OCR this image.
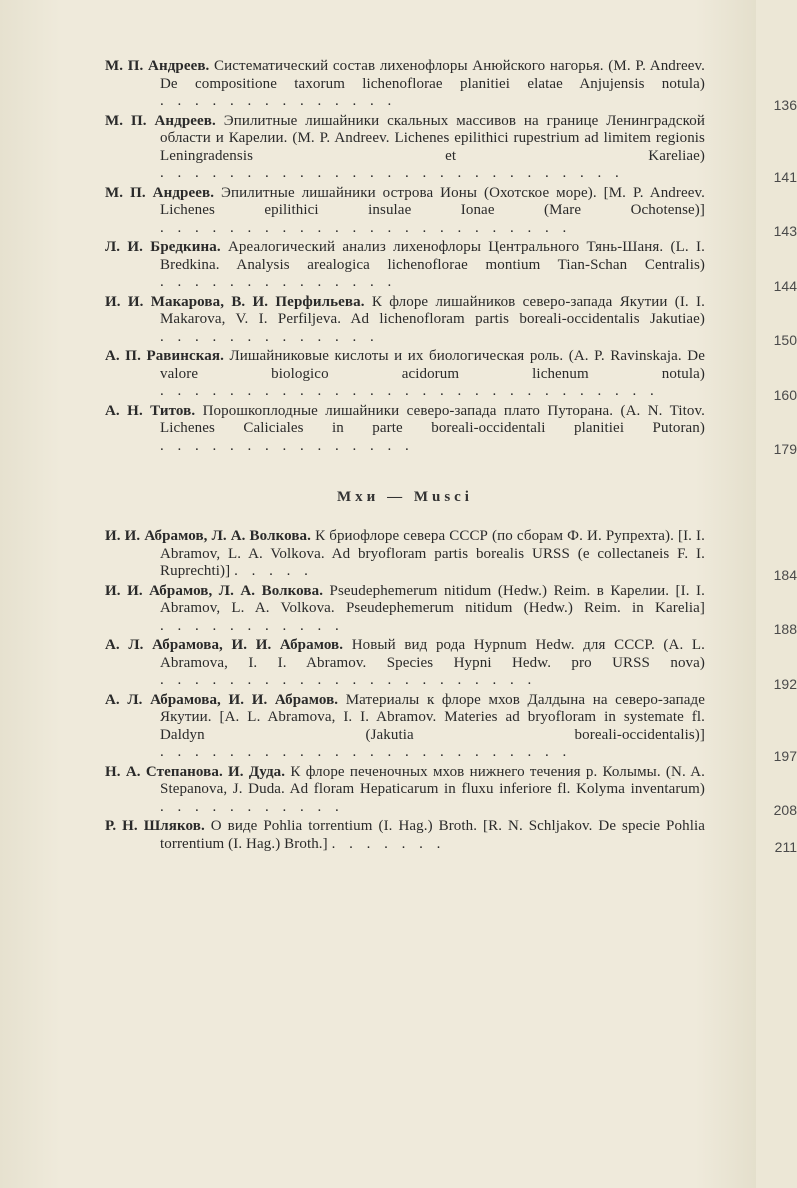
М. П. Андреев. Систематический состав лихенофлоры Анюйского нагорья. (M. P. Andreev. De compositione taxorum lichenoflorae planitiei elatae Anjujensis notula) . . . . . . . . . . . . . .	136
М. П. Андреев. Эпилитные лишайники скальных массивов на границе Ленинградской области и Карелии. (M. P. Andreev. Lichenes epilithici rupestrium ad limitem regionis Leningradensis et Kareliae) . . . . . . . . . . . . . . . . . . . . . . . . . . .	141
М. П. Андреев. Эпилитные лишайники острова Ионы (Охотское море). [M. P. Andreev. Lichenes epilithici insulae Ionae (Mare Ochotense)] . . . . . . . . . . . . . . . . . . . . . . . .	143
Л. И. Бредкина. Ареалогический анализ лихенофлоры Центрального Тянь-Шаня. (L. I. Bredkina. Analysis arealogica lichenoflorae montium Tian-Schan Centralis) . . . . . . . . . . . . . .	144
И. И. Макарова, В. И. Перфильева. К флоре лишайников северо-запада Якутии (I. I. Makarova, V. I. Perfiljeva. Ad lichenofloram partis boreali-occidentalis Jakutiae) . . . . . . . . . . . . .	150
А. П. Равинская. Лишайниковые кислоты и их биологическая роль. (A. P. Ravinskaja. De valore biologico acidorum lichenum notula) . . . . . . . . . . . . . . . . . . . . . . . . . . . . .	160
А. Н. Титов. Порошкоплодные лишайники северо-запада плато Путорана. (A. N. Titov. Lichenes Caliciales in parte boreali-occidentali planitiei Putoran) . . . . . . . . . . . . . . .	179
Мхи — Musci
И. И. Абрамов, Л. А. Волкова. К бриофлоре севера СССР (по сборам Ф. И. Рупрехта). [I. I. Abramov, L. A. Volkova. Ad bryofloram partis borealis URSS (e collectaneis F. I. Ruprechti)] . . . . .	184
И. И. Абрамов, Л. А. Волкова. Pseudephemerum nitidum (Hedw.) Reim. в Карелии. [I. I. Abramov, L. A. Volkova. Pseudephemerum nitidum (Hedw.) Reim. in Karelia] . . . . . . . . . . .	188
А. Л. Абрамова, И. И. Абрамов. Новый вид рода Hypnum Hedw. для СССР. (A. L. Abramova, I. I. Abramov. Species Hypni Hedw. pro URSS nova) . . . . . . . . . . . . . . . . . . . . . .	192
А. Л. Абрамова, И. И. Абрамов. Материалы к флоре мхов Далдына на северо-западе Якутии. [A. L. Abramova, I. I. Abramov. Materies ad bryofloram in systemate fl. Daldyn (Jakutia boreali-occidentalis)] . . . . . . . . . . . . . . . . . . . . . . . .	197
Н. А. Степанова. И. Дуда. К флоре печеночных мхов нижнего течения р. Колымы. (N. A. Stepanova, J. Duda. Ad floram Hepaticarum in fluxu inferiore fl. Kolyma inventarum) . . . . . . . . . . .	208
Р. Н. Шляков. О виде Pohlia torrentium (I. Hag.) Broth. [R. N. Schljakov. De specie Pohlia torrentium (I. Hag.) Broth.] . . . . . . .	211
